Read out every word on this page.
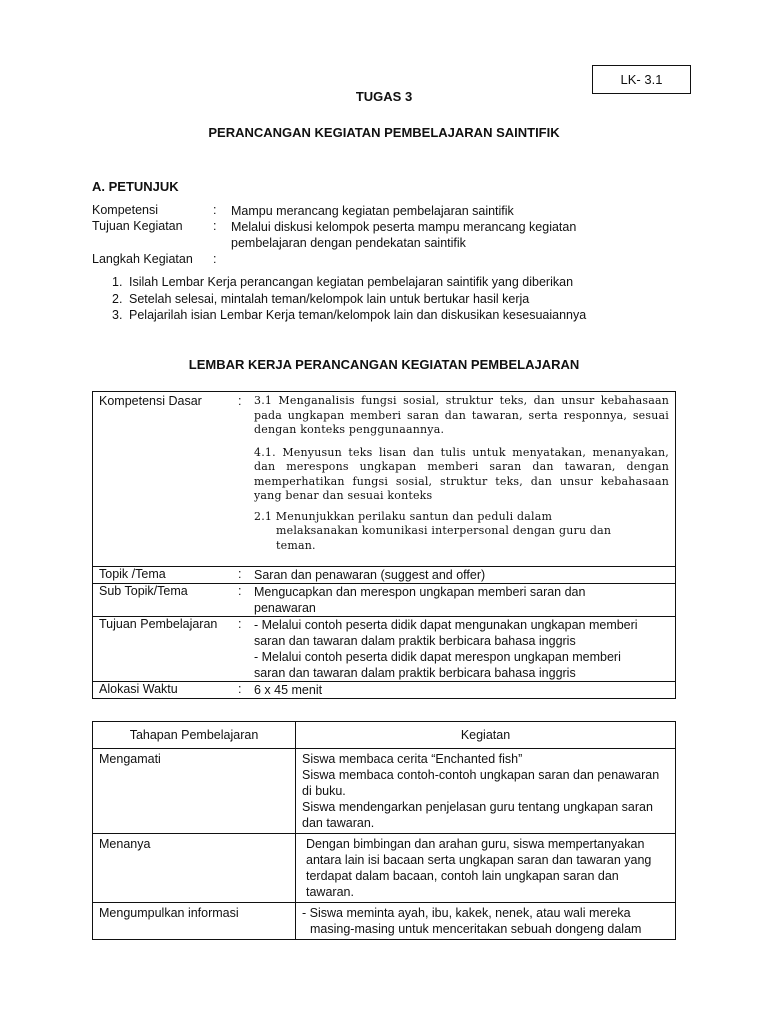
LK- 3.1
TUGAS 3
PERANCANGAN KEGIATAN PEMBELAJARAN SAINTIFIK
A. PETUNJUK
Kompetensi	: Mampu merancang kegiatan pembelajaran saintifik
Tujuan Kegiatan : Melalui diskusi kelompok peserta mampu merancang kegiatan
pembelajaran dengan pendekatan saintifik
Langkah Kegiatan :
1. Isilah Lembar Kerja perancangan kegiatan pembelajaran saintifik yang diberikan
2. Setelah selesai, mintalah teman/kelompok lain untuk bertukar hasil kerja
3. Pelajarilah isian Lembar Kerja teman/kelompok lain dan diskusikan kesesuaiannya
LEMBAR KERJA PERANCANGAN KEGIATAN PEMBELAJARAN
Kompetensi Dasar	:	3.1 Menganalisis fungsi sosial, struktur teks, dan unsur kebahasaan pada ungkapan memberi saran dan tawaran, serta responnya, sesuai dengan konteks penggunaannya.
4.1. Menyusun teks lisan dan tulis untuk menyatakan, menanyakan, dan merespons ungkapan memberi saran dan tawaran, dengan memperhatikan fungsi sosial, struktur teks, dan unsur kebahasaan yang benar dan sesuai konteks
2.1 Menunjukkan perilaku santun dan peduli dalam
melaksanakan komunikasi interpersonal dengan guru dan
teman.

Topik /Tema	:	Saran dan penawaran (suggest and offer)

Sub Topik/Tema	:	Mengucapkan dan merespon ungkapan memberi saran dan
penawaran

Tujuan Pembelajaran	:	- Melalui contoh peserta didik dapat mengunakan ungkapan memberi
saran dan tawaran dalam praktik berbicara bahasa inggris
- Melalui contoh peserta didik dapat merespon ungkapan memberi
saran dan tawaran dalam praktik berbicara bahasa inggris

Alokasi Waktu	:	6 x 45 menit
Tahapan Pembelajaran	Kegiatan
Mengamati	Siswa membaca cerita “Enchanted fish”
Siswa membaca contoh-contoh ungkapan saran dan penawaran
di buku.
Siswa mendengarkan penjelasan guru tentang ungkapan saran
dan tawaran.

Menanya	Dengan bimbingan dan arahan guru, siswa mempertanyakan
antara lain isi bacaan serta ungkapan saran dan tawaran yang
terdapat dalam bacaan, contoh lain ungkapan saran dan
tawaran.

Mengumpulkan informasi	- Siswa meminta ayah, ibu, kakek, nenek, atau wali mereka
masing-masing untuk menceritakan sebuah dongeng dalam
